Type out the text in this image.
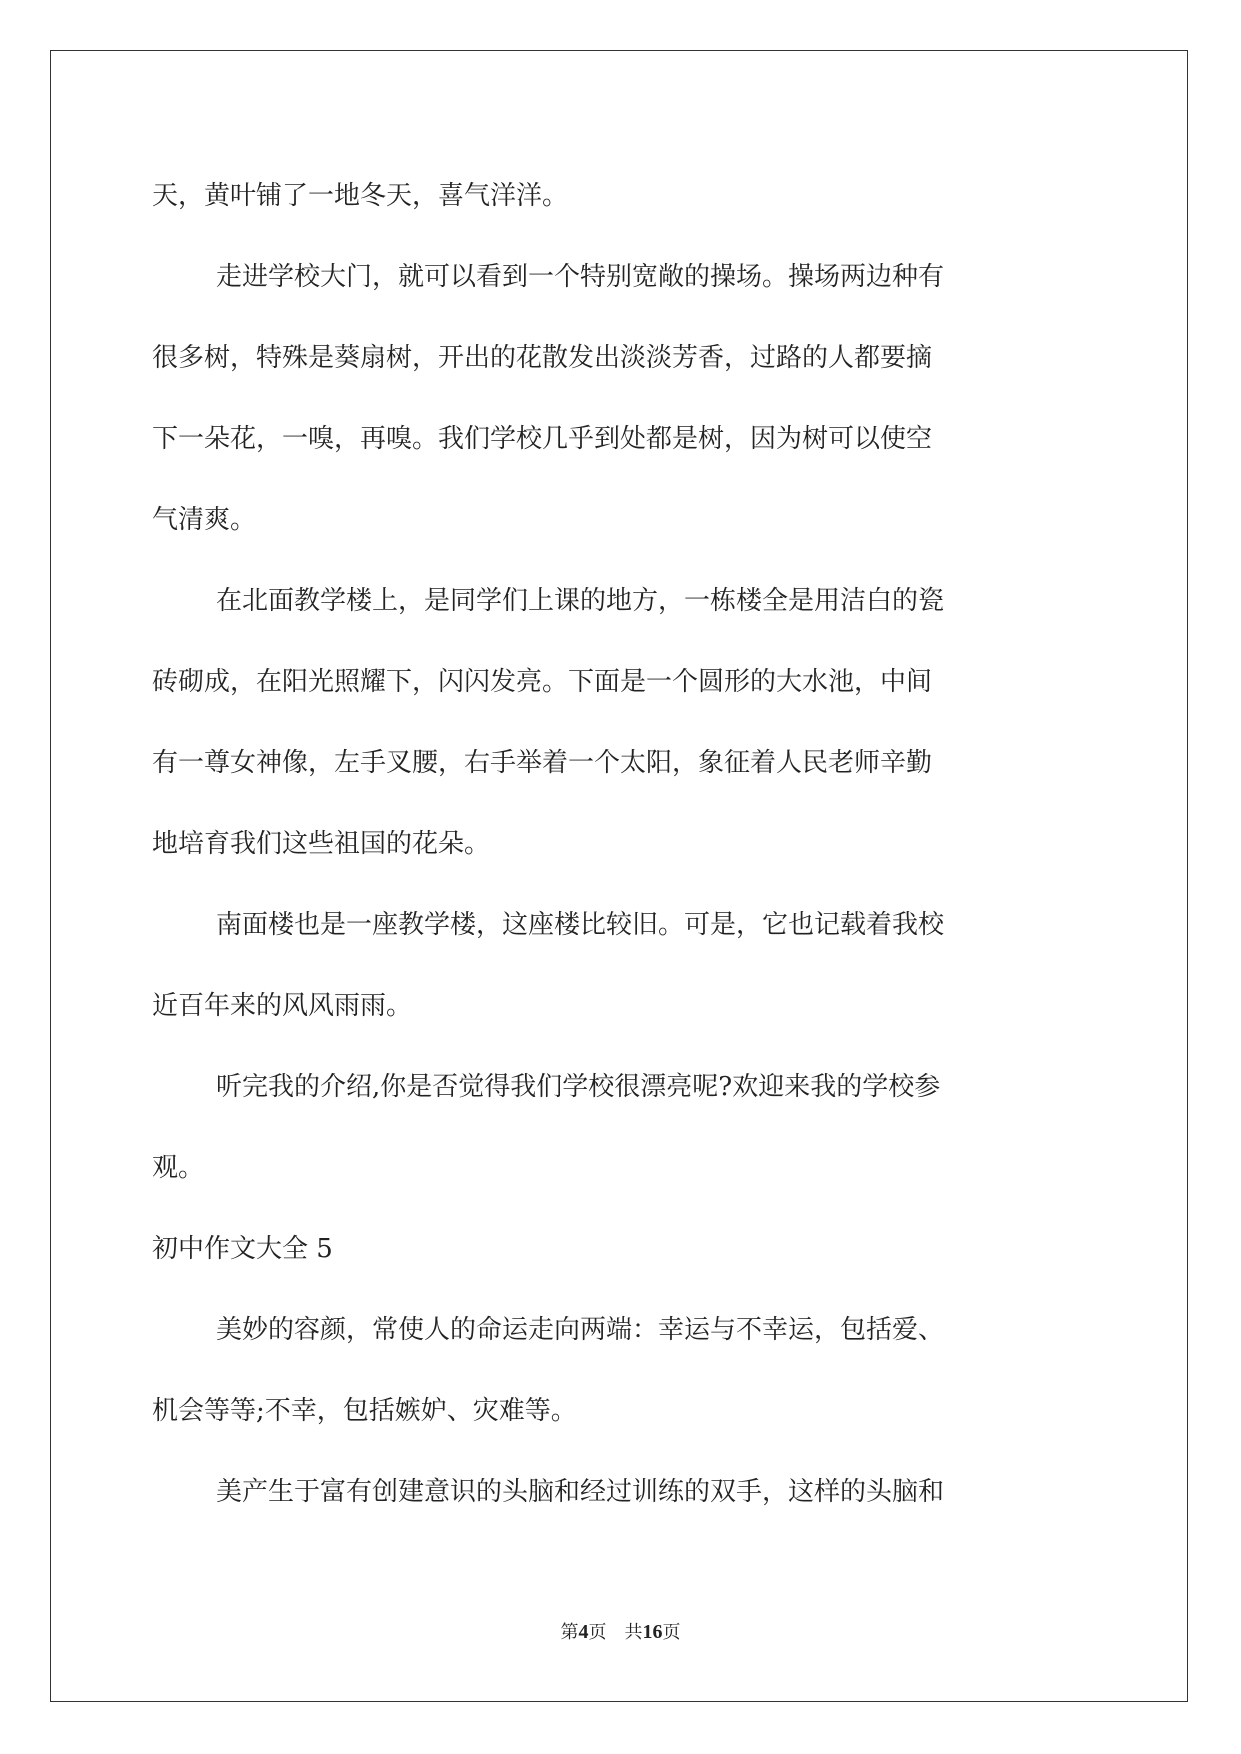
天，黄叶铺了一地冬天，喜气洋洋。

走进学校大门，就可以看到一个特别宽敞的操场。操场两边种有

很多树，特殊是葵扇树，开出的花散发出淡淡芳香，过路的人都要摘

下一朵花，一嗅，再嗅。我们学校几乎到处都是树，因为树可以使空

气清爽。

在北面教学楼上，是同学们上课的地方，一栋楼全是用洁白的瓷

砖砌成，在阳光照耀下，闪闪发亮。下面是一个圆形的大水池，中间

有一尊女神像，左手叉腰，右手举着一个太阳，象征着人民老师辛勤

地培育我们这些祖国的花朵。

南面楼也是一座教学楼，这座楼比较旧。可是，它也记载着我校

近百年来的风风雨雨。

听完我的介绍,你是否觉得我们学校很漂亮呢?欢迎来我的学校参

观。

初中作文大全 5

美妙的容颜，常使人的命运走向两端：幸运与不幸运，包括爱、

机会等等;不幸，包括嫉妒、灾难等。

美产生于富有创建意识的头脑和经过训练的双手，这样的头脑和

第4页　共16页
